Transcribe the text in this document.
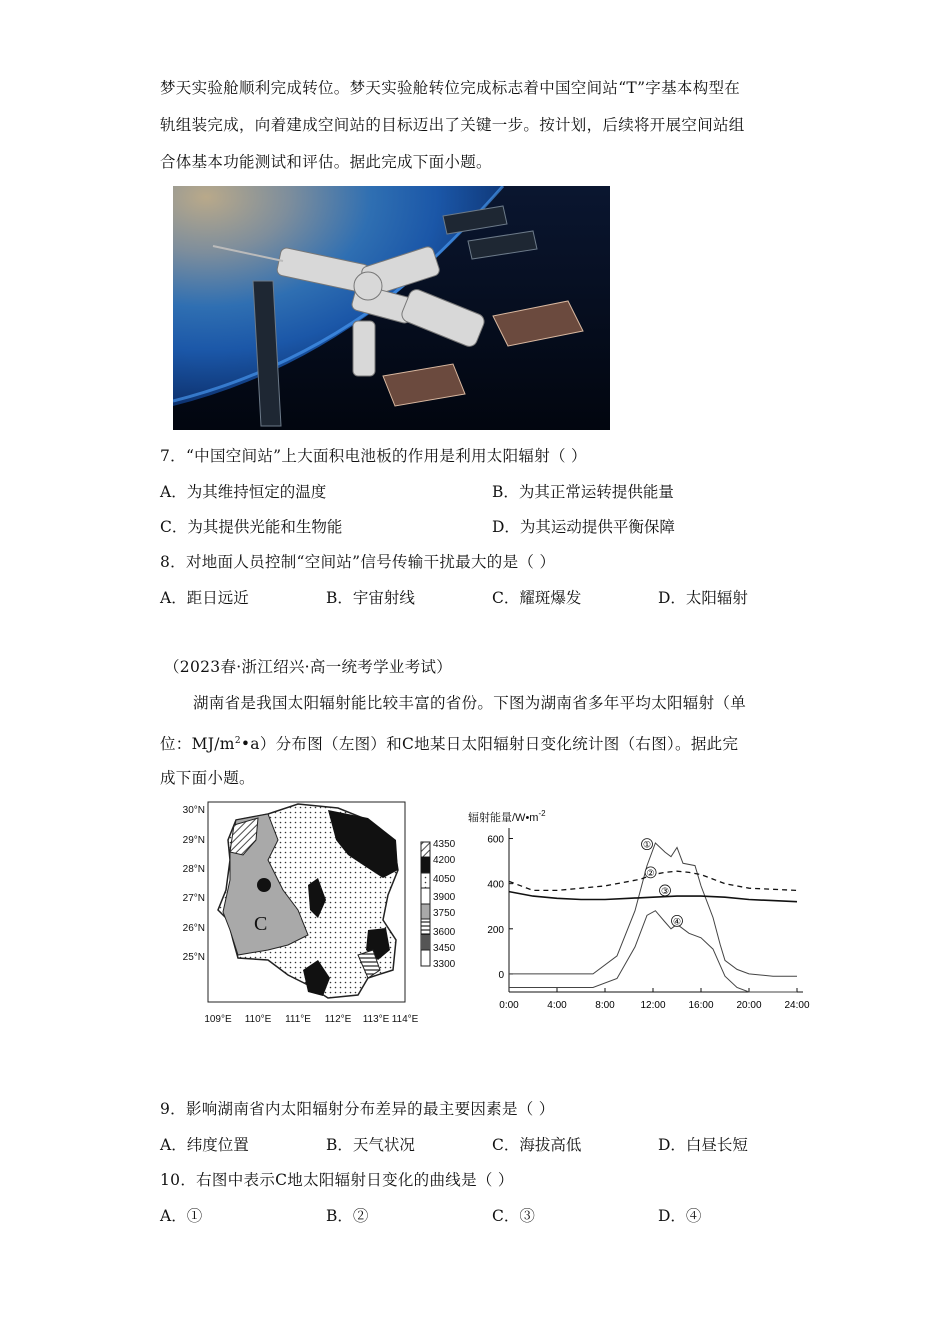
梦天实验舱顺利完成转位。梦天实验舱转位完成标志着中国空间站“T”字基本构型在
轨组装完成，向着建成空间站的目标迈出了关键一步。按计划，后续将开展空间站组
合体基本功能测试和评估。据此完成下面小题。
7．“中国空间站”上大面积电池板的作用是利用太阳辐射（ ）
A．为其维持恒定的温度	B．为其正常运转提供能量
C．为其提供光能和生物能	D．为其运动提供平衡保障
8．对地面人员控制“空间站”信号传输干扰最大的是（ ）
A．距日远近	B．宇宙射线	C．耀斑爆发	D．太阳辐射
（2023春·浙江绍兴·高一统考学业考试）
湖南省是我国太阳辐射能比较丰富的省份。下图为湖南省多年平均太阳辐射（单
位：$MJ/m^2•a$）分布图（左图）和C地某日太阳辐射日变化统计图（右图）。据此完
成下面小题。
C
30°N
29°N
28°N
27°N
26°N
25°N
109°E 110°E 111°E 112°E 113°E 114°E
4350
4200
4050
3900
3750
3600
3450
3300
辐射能量$/W•m^{-2}$
0
200
400
600
0:00	4:00	8:00	12:00 16:00 20:00 24:00
①
②
③
④
9．影响湖南省内太阳辐射分布差异的最主要因素是（ ）
A．纬度位置	B．天气状况	C．海拔高低	D．白昼长短
10．右图中表示C地太阳辐射日变化的曲线是（ ）
A．①	B．②	C．③	D．④
